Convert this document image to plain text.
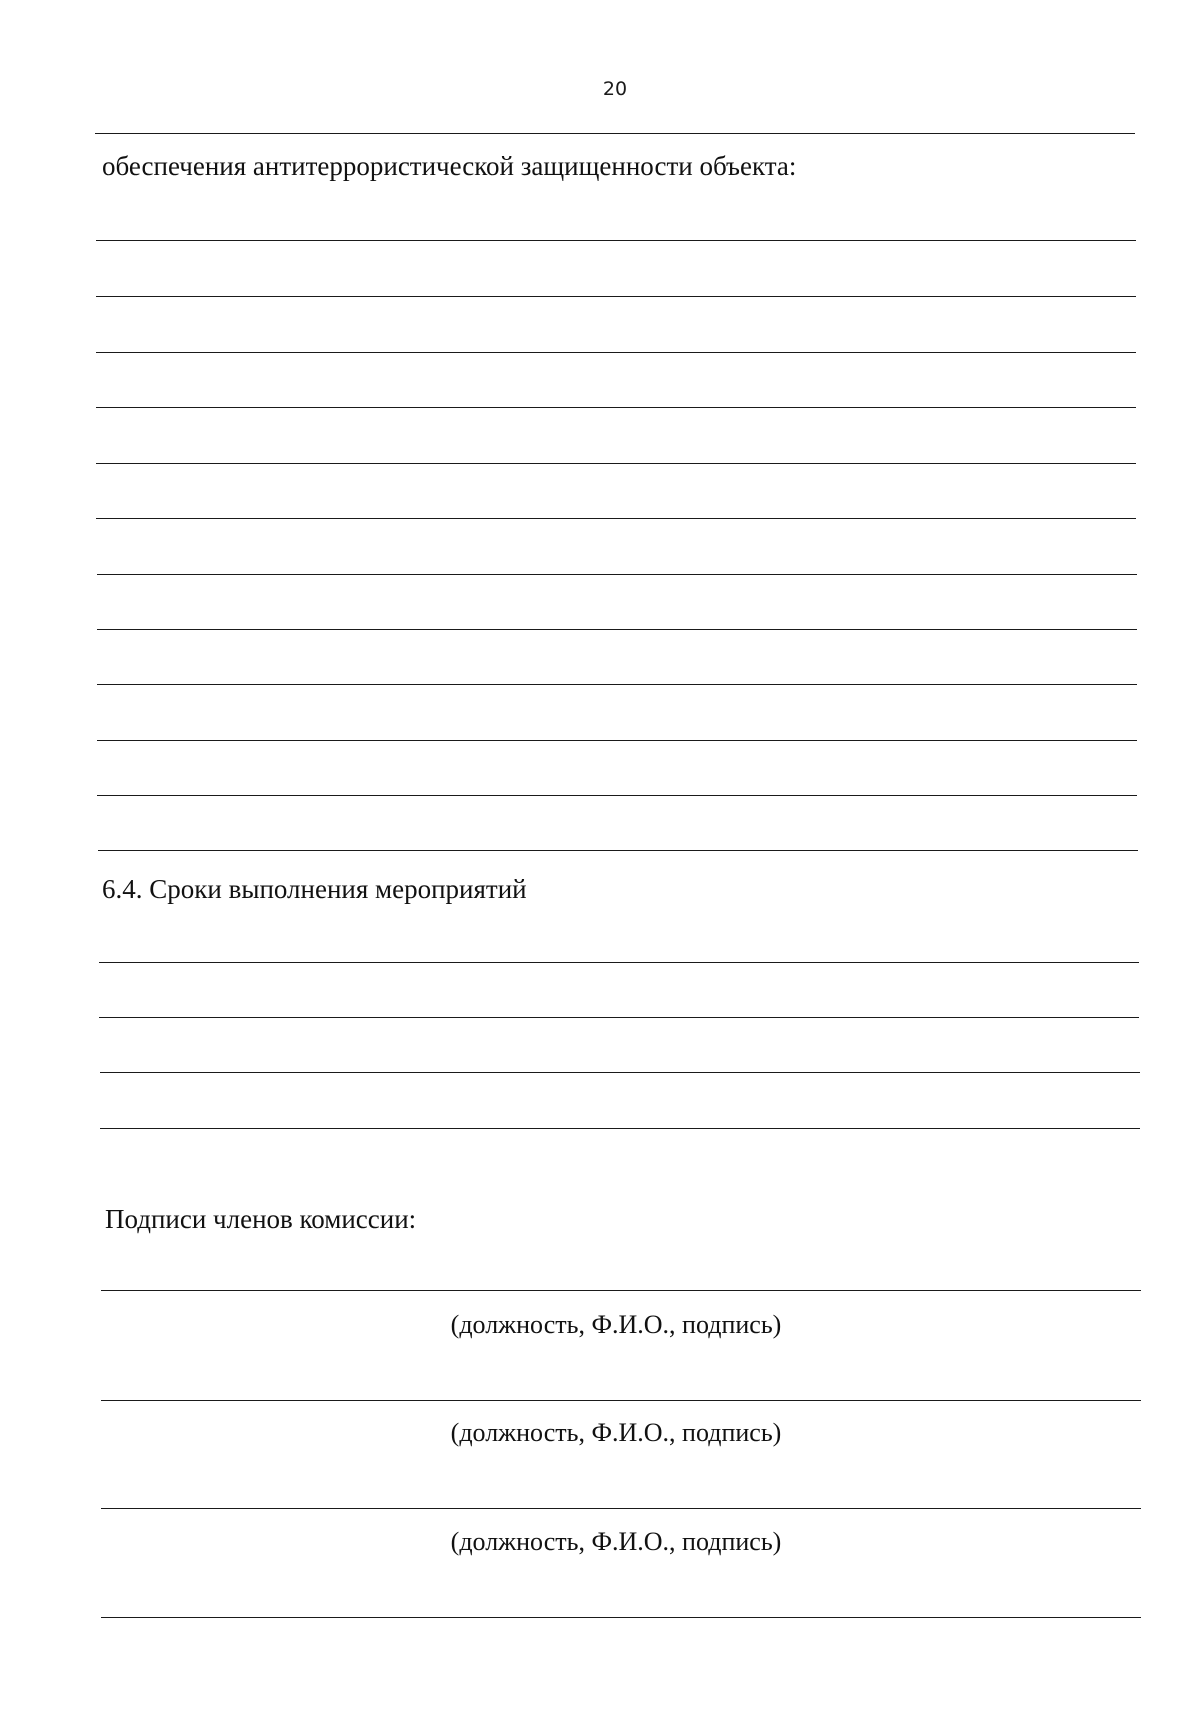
20
обеспечения антитеррористической защищенности объекта:
6.4. Сроки выполнения мероприятий
Подписи членов комиссии:
(должность, Ф.И.О., подпись)
(должность, Ф.И.О., подпись)
(должность, Ф.И.О., подпись)
